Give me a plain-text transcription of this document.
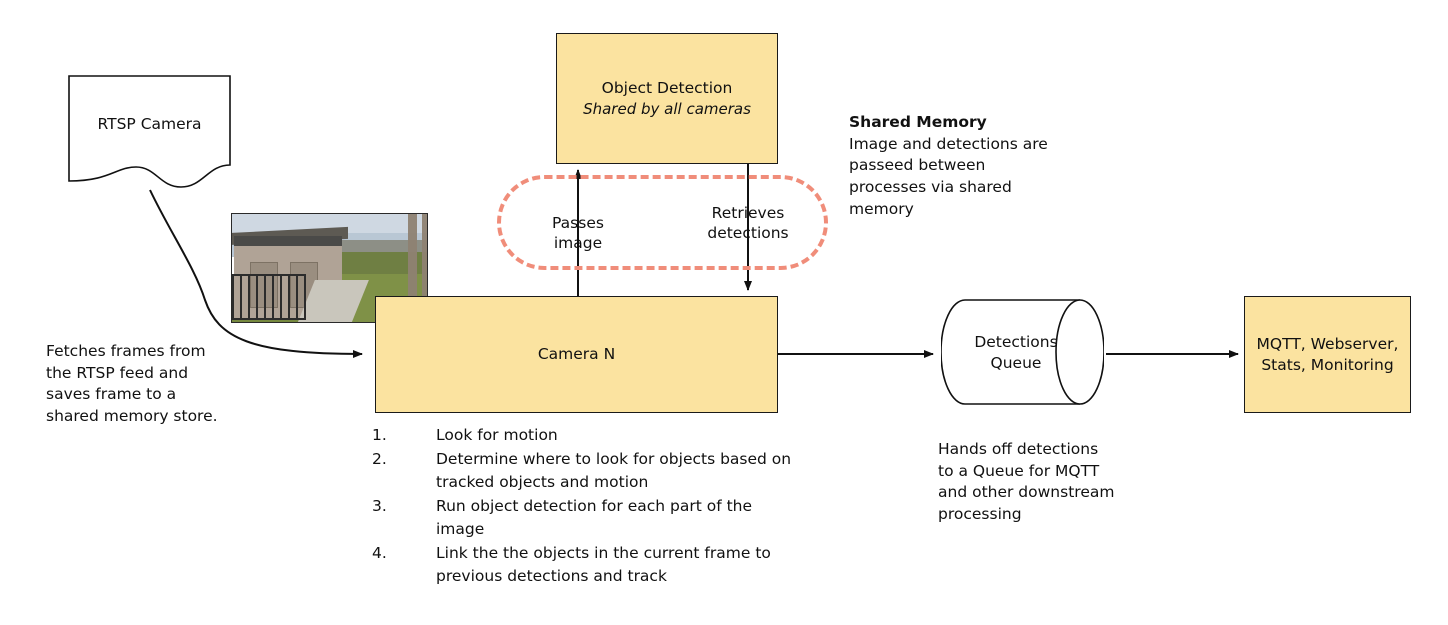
RTSP Camera
Object Detection
Shared by all cameras
Passes
image
Retrieves
detections
Shared Memory
Image and detections are passeed between processes via shared memory
Camera N
Fetches frames from the RTSP feed and saves frame to a shared memory store.
1.	Look for motion
2.	Determine where to look for objects based on tracked objects and motion
3.	Run object detection for each part of the image
4.	Link the the objects in the current frame to previous detections and track
Detections
Queue
Hands off detections to a Queue for MQTT and other downstream processing
MQTT, Webserver,
Stats, Monitoring
